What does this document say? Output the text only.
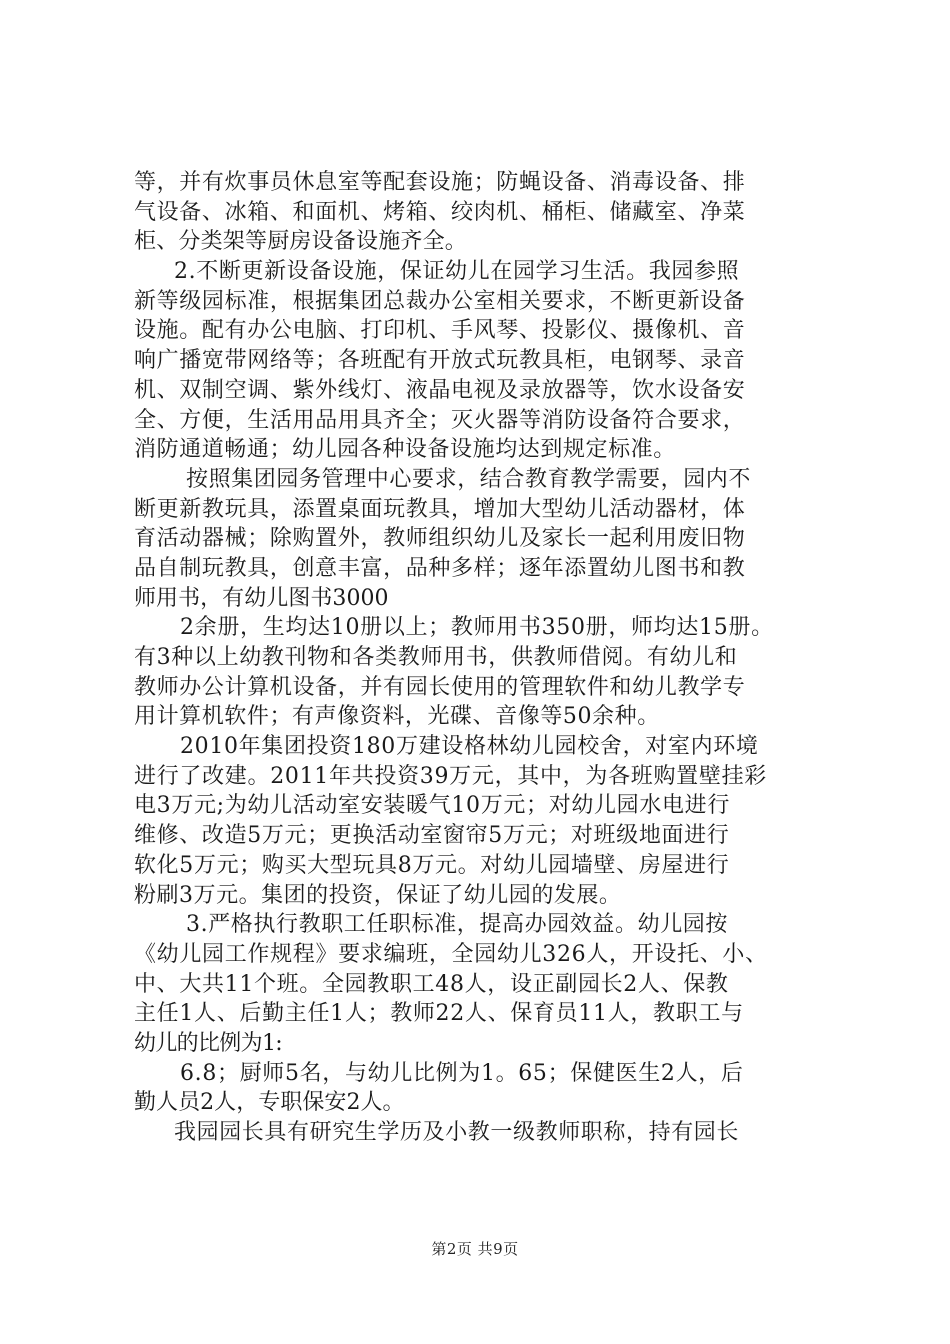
等，并有炊事员休息室等配套设施；防蝇设备、消毒设备、排
气设备、冰箱、和面机、烤箱、绞肉机、桶柜、储藏室、净菜
柜、分类架等厨房设备设施齐全。
2.不断更新设备设施，保证幼儿在园学习生活。我园参照
新等级园标准，根据集团总裁办公室相关要求，不断更新设备
设施。配有办公电脑、打印机、手风琴、投影仪、摄像机、音
响广播宽带网络等；各班配有开放式玩教具柜，电钢琴、录音
机、双制空调、紫外线灯、液晶电视及录放器等，饮水设备安
全、方便，生活用品用具齐全；灭火器等消防设备符合要求，
消防通道畅通；幼儿园各种设备设施均达到规定标准。
按照集团园务管理中心要求，结合教育教学需要，园内不
断更新教玩具，添置桌面玩教具，增加大型幼儿活动器材，体
育活动器械；除购置外，教师组织幼儿及家长一起利用废旧物
品自制玩教具，创意丰富，品种多样；逐年添置幼儿图书和教
师用书，有幼儿图书3000
2余册，生均达10册以上；教师用书350册，师均达15册。
有3种以上幼教刊物和各类教师用书，供教师借阅。有幼儿和
教师办公计算机设备，并有园长使用的管理软件和幼儿教学专
用计算机软件；有声像资料，光碟、音像等50余种。
2010年集团投资180万建设格林幼儿园校舍，对室内环境
进行了改建。2011年共投资39万元，其中，为各班购置壁挂彩
电3万元;为幼儿活动室安装暖气10万元；对幼儿园水电进行
维修、改造5万元；更换活动室窗帘5万元；对班级地面进行
软化5万元；购买大型玩具8万元。对幼儿园墙壁、房屋进行
粉刷3万元。集团的投资，保证了幼儿园的发展。
3.严格执行教职工任职标准，提高办园效益。幼儿园按
《幼儿园工作规程》要求编班，全园幼儿326人，开设托、小、
中、大共11个班。全园教职工48人，设正副园长2人、保教
主任1人、后勤主任1人；教师22人、保育员11人，教职工与
幼儿的比例为1:
6.8；厨师5名，与幼儿比例为1。65；保健医生2人，后
勤人员2人，专职保安2人。
我园园长具有研究生学历及小教一级教师职称，持有园长
第2页 共9页
